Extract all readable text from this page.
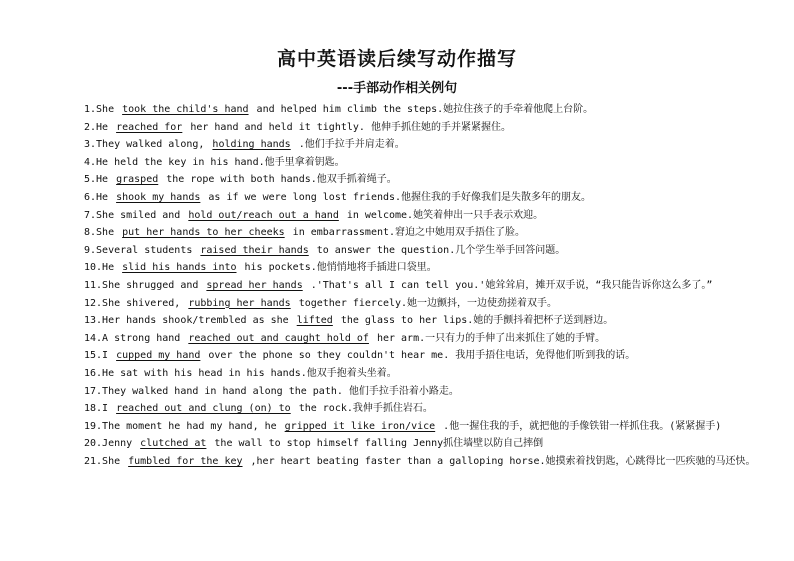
高中英语读后续写动作描写
---手部动作相关例句
1.She took the child's hand and helped him climb the steps.她拉住孩子的手牵着他爬上台阶。
2.He reached for her hand and held it tightly. 他伸手抓住她的手并紧紧握住。
3.They walked along, holding hands .他们手拉手并肩走着。
4.He held the key in his hand.他手里拿着钥匙。
5.He grasped the rope with both hands.他双手抓着绳子。
6.He shook my hands as if we were long lost friends.他握住我的手好像我们是失散多年的朋友。
7.She smiled and hold out/reach out a hand in welcome.她笑着伸出一只手表示欢迎。
8.She put her hands to her cheeks in embarrassment.窘迫之中她用双手捂住了脸。
9.Several students raised their hands to answer the question.几个学生举手回答问题。
10.He slid his hands into his pockets.他悄悄地将手插进口袋里。
11.She shrugged and spread her hands .'That's all I can tell you.'她耸耸肩，摊开双手说，“我只能告诉你这么多了。”
12.She shivered, rubbing her hands together fiercely.她一边颤抖，一边使劲搓着双手。
13.Her hands shook/trembled as she lifted the glass to her lips.她的手颤抖着把杯子送到唇边。
14.A strong hand reached out and caught hold of her arm.一只有力的手伸了出来抓住了她的手臂。
15.I cupped my hand over the phone so they couldn't hear me. 我用手捂住电话，免得他们听到我的话。
16.He sat with his head in his hands.他双手抱着头坐着。
17.They walked hand in hand along the path. 他们手拉手沿着小路走。
18.I reached out and clung (on) to the rock.我伸手抓住岩石。
19.The moment he had my hand, he gripped it like iron/vice .他一握住我的手，就把他的手像铁钳一样抓住我。(紧紧握手)
20.Jenny clutched at the wall to stop himself falling Jenny抓住墙壁以防自己摔倒
21.She fumbled for the key ,her heart beating faster than a galloping horse.她摸索着找钥匙，心跳得比一匹疾驰的马还快。
